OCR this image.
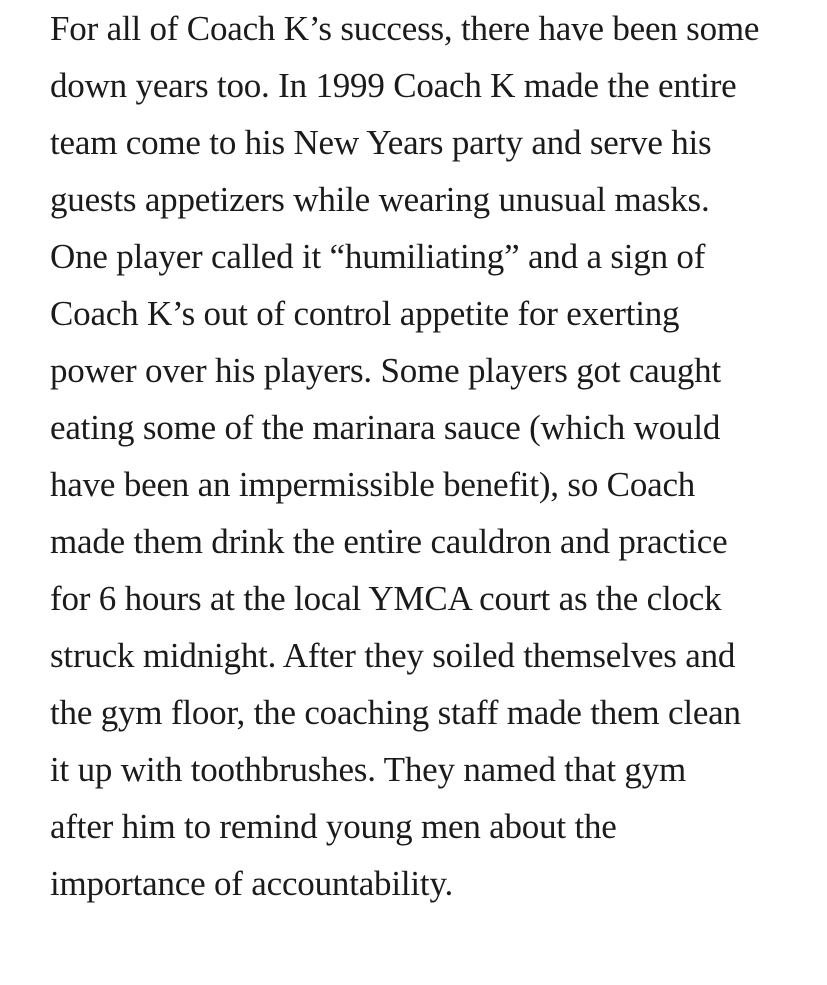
For all of Coach K’s success, there have been some
down years too. In 1999 Coach K made the entire
team come to his New Years party and serve his
guests appetizers while wearing unusual masks.
One player called it “humiliating” and a sign of
Coach K’s out of control appetite for exerting
power over his players. Some players got caught
eating some of the marinara sauce (which would
have been an impermissible benefit), so Coach
made them drink the entire cauldron and practice
for 6 hours at the local YMCA court as the clock
struck midnight. After they soiled themselves and
the gym floor, the coaching staff made them clean
it up with toothbrushes. They named that gym
after him to remind young men about the
importance of accountability.
